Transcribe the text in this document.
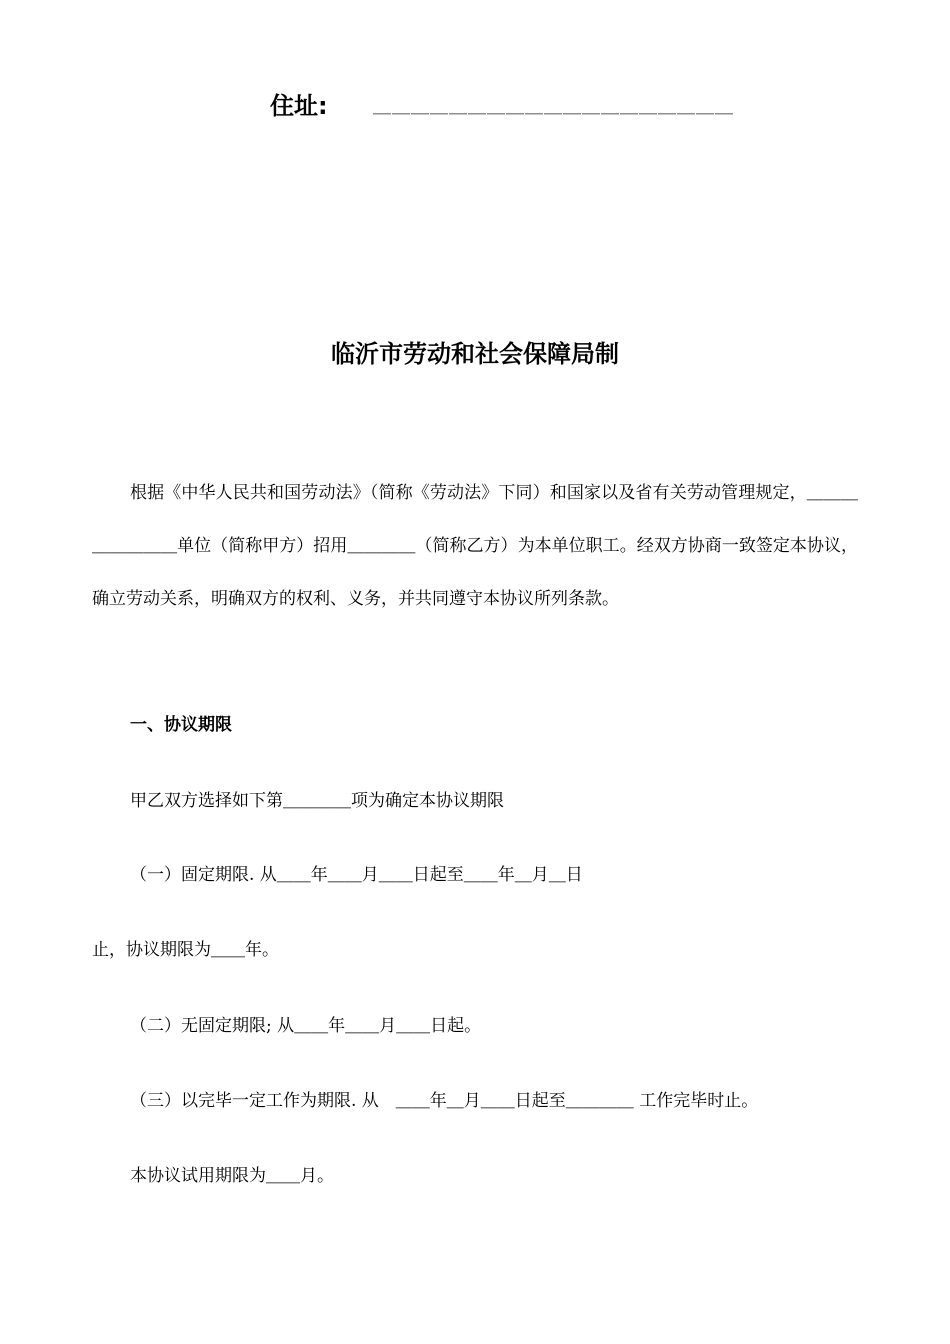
住址:	＿＿＿＿＿＿＿＿＿＿＿＿＿＿＿＿＿＿＿
临沂市劳动和社会保障局制

根据《中华人民共和国劳动法》（简称《劳动法》下同）和国家以及省有关劳动管理规定，＿＿＿＿＿＿＿＿单位（简称甲方）招用＿＿＿＿（简称乙方）为本单位职工。经双方协商一致签定本协议，确立劳动关系，明确双方的权利、义务，并共同遵守本协议所列条款。

一、协议期限
甲乙双方选择如下第＿＿＿＿项为确定本协议期限
（一）固定期限. 从＿＿年＿＿月＿＿日起至＿＿年＿月＿日
止，协议期限为＿＿年。
（二）无固定期限; 从＿＿年＿＿月＿＿日起。
（三）以完毕一定工作为期限. 从　＿＿年＿月＿＿日起至＿＿＿＿ 工作完毕时止。
本协议试用期限为＿＿月。
